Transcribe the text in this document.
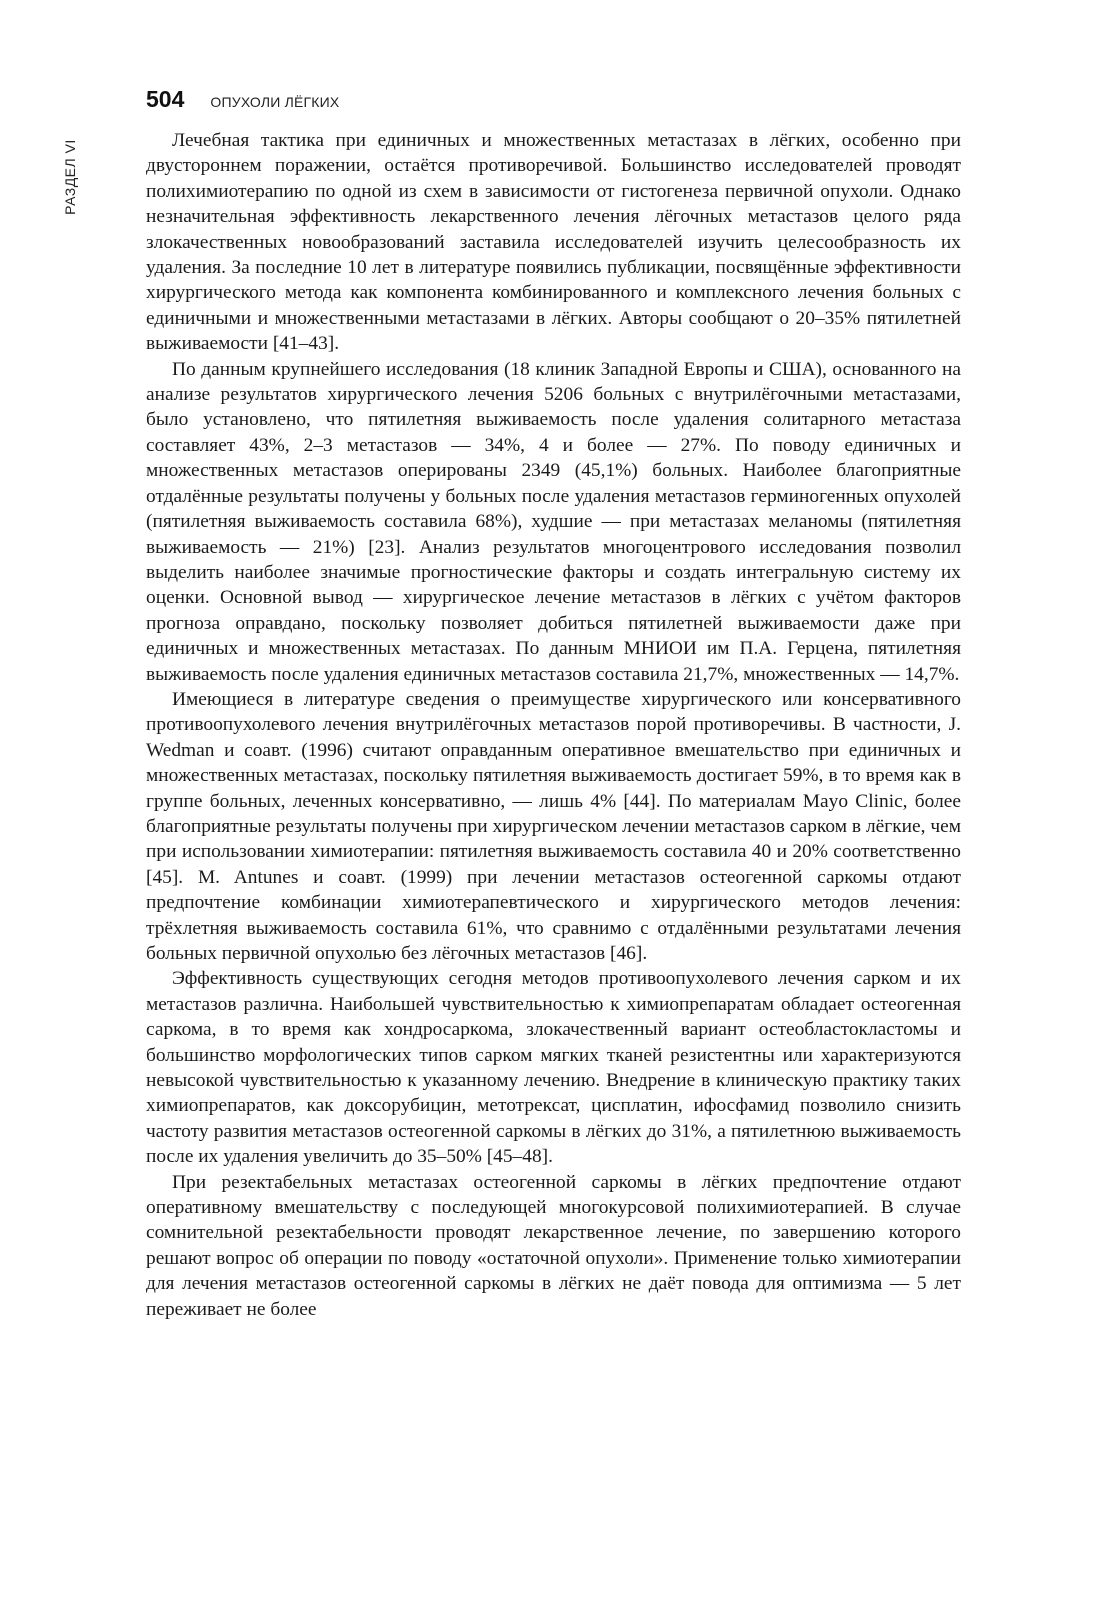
РАЗДЕЛ VI
504 ОПУХОЛИ ЛЁГКИХ

Лечебная тактика при единичных и множественных метастазах в лёгких, особенно при двустороннем поражении, остаётся противоречивой. Большинство исследователей проводят полихимиотерапию по одной из схем в зависимости от гистогенеза первичной опухоли. Однако незначительная эффективность лекарственного лечения лёгочных метастазов целого ряда злокачественных новообразований заставила исследователей изучить целесообразность их удаления. За последние 10 лет в литературе появились публикации, посвящённые эффективности хирургического метода как компонента комбинированного и комплексного лечения больных с единичными и множественными метастазами в лёгких. Авторы сообщают о 20–35% пятилетней выживаемости [41–43].

По данным крупнейшего исследования (18 клиник Западной Европы и США), основанного на анализе результатов хирургического лечения 5206 больных с внутрилёгочными метастазами, было установлено, что пятилетняя выживаемость после удаления солитарного метастаза составляет 43%, 2–3 метастазов — 34%, 4 и более — 27%. По поводу единичных и множественных метастазов оперированы 2349 (45,1%) больных. Наиболее благоприятные отдалённые результаты получены у больных после удаления метастазов герминогенных опухолей (пятилетняя выживаемость составила 68%), худшие — при метастазах меланомы (пятилетняя выживаемость — 21%) [23]. Анализ результатов многоцентрового исследования позволил выделить наиболее значимые прогностические факторы и создать интегральную систему их оценки. Основной вывод — хирургическое лечение метастазов в лёгких с учётом факторов прогноза оправдано, поскольку позволяет добиться пятилетней выживаемости даже при единичных и множественных метастазах. По данным МНИОИ им П.А. Герцена, пятилетняя выживаемость после удаления единичных метастазов составила 21,7%, множественных — 14,7%.

Имеющиеся в литературе сведения о преимуществе хирургического или консервативного противоопухолевого лечения внутрилёгочных метастазов порой противоречивы. В частности, J. Wedman и соавт. (1996) считают оправданным оперативное вмешательство при единичных и множественных метастазах, поскольку пятилетняя выживаемость достигает 59%, в то время как в группе больных, леченных консервативно, — лишь 4% [44]. По материалам Mayo Clinic, более благоприятные результаты получены при хирургическом лечении метастазов сарком в лёгкие, чем при использовании химиотерапии: пятилетняя выживаемость составила 40 и 20% соответственно [45]. M. Antunes и соавт. (1999) при лечении метастазов остеогенной саркомы отдают предпочтение комбинации химиотерапевтического и хирургического методов лечения: трёхлетняя выживаемость составила 61%, что сравнимо с отдалёнными результатами лечения больных первичной опухолью без лёгочных метастазов [46].

Эффективность существующих сегодня методов противоопухолевого лечения сарком и их метастазов различна. Наибольшей чувствительностью к химиопрепаратам обладает остеогенная саркома, в то время как хондросаркома, злокачественный вариант остеобластокластомы и большинство морфологических типов сарком мягких тканей резистентны или характеризуются невысокой чувствительностью к указанному лечению. Внедрение в клиническую практику таких химиопрепаратов, как доксорубицин, метотрексат, цисплатин, ифосфамид позволило снизить частоту развития метастазов остеогенной саркомы в лёгких до 31%, а пятилетнюю выживаемость после их удаления увеличить до 35–50% [45–48].

При резектабельных метастазах остеогенной саркомы в лёгких предпочтение отдают оперативному вмешательству с последующей многокурсовой полихимиотерапией. В случае сомнительной резектабельности проводят лекарственное лечение, по завершению которого решают вопрос об операции по поводу «остаточной опухоли». Применение только химиотерапии для лечения метастазов остеогенной саркомы в лёгких не даёт повода для оптимизма — 5 лет переживает не более
